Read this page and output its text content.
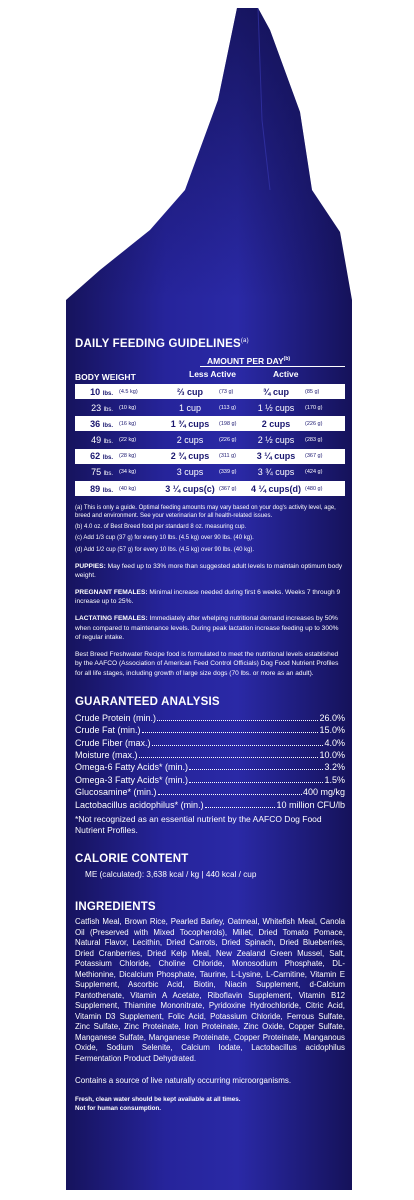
DAILY FEEDING GUIDELINES$^{(a)}$
BODY WEIGHT
AMOUNT PER DAY$^{(b)}$
Less Active	Active
10 lbs.	(4.5 kg)	⅔ cup	(73 g)	¾ cup	(85 g)
23 lbs.	(10 kg)	1 cup	(113 g)	1 ½ cups	(170 g)
36 lbs.	(16 kg)	1 ¾ cups	(198 g)	2 cups	(226 g)
49 lbs.	(22 kg)	2 cups	(226 g)	2 ½ cups	(283 g)
62 lbs.	(28 kg)	2 ¾ cups	(311 g)	3 ¼ cups	(367 g)
75 lbs.	(34 kg)	3 cups	(339 g)	3 ¾ cups	(424 g)
89 lbs.	(40 kg)	3 ¼ cups(c) (367 g)	4 ¼ cups(d) (480 g)

(a) This is only a guide. Optimal feeding amounts may vary based on your dog's activity level, age, breed and environment. See your veterinarian for all health-related issues.

(b) 4.0 oz. of Best Breed food per standard 8 oz. measuring cup.

(c) Add 1/3 cup (37 g) for every 10 lbs. (4.5 kg) over 90 lbs. (40 kg).

(d) Add 1/2 cup (57 g) for every 10 lbs. (4.5 kg) over 90 lbs. (40 kg).

PUPPIES: May feed up to 33% more than suggested adult levels to maintain optimum body weight.

PREGNANT FEMALES: Minimal increase needed during first 6 weeks. Weeks 7 through 9 increase up to 25%.

LACTATING FEMALES: Immediately after whelping nutritional demand increases by 50% when compared to maintenance levels. During peak lactation increase feeding up to 300% of regular intake.

Best Breed Freshwater Recipe food is formulated to meet the nutritional levels established by the AAFCO (Association of American Feed Control Officials) Dog Food Nutrient Profiles for all life stages, including growth of large size dogs (70 lbs. or more as an adult).

GUARANTEED ANALYSIS
Crude Protein (min.)	26.0%
Crude Fat (min.)	15.0%
Crude Fiber (max.)	4.0%
Moisture (max.)	10.0%
Omega-6 Fatty Acids* (min.)	3.2%
Omega-3 Fatty Acids* (min.)	1.5%
Glucosamine* (min.)	400 mg/kg
Lactobacillus acidophilus* (min.)	10 million CFU/lb
*Not recognized as an essential nutrient by the AAFCO Dog Food Nutrient Profiles.
CALORIE CONTENT
ME (calculated): 3,638 kcal / kg | 440 kcal / cup
INGREDIENTS
Catfish Meal, Brown Rice, Pearled Barley, Oatmeal, Whitefish Meal, Canola Oil (Preserved with Mixed Tocopherols), Millet, Dried Tomato Pomace, Natural Flavor, Lecithin, Dried Carrots, Dried Spinach, Dried Blueberries, Dried Cranberries, Dried Kelp Meal, New Zealand Green Mussel, Salt, Potassium Chloride, Choline Chloride, Monosodium Phosphate, DL-Methionine, Dicalcium Phosphate, Taurine, L-Lysine, L-Carnitine, Vitamin E Supplement, Ascorbic Acid, Biotin, Niacin Supplement, d-Calcium Pantothenate, Vitamin A Acetate, Riboflavin Supplement, Vitamin B12 Supplement, Thiamine Mononitrate, Pyridoxine Hydrochloride, Citric Acid, Vitamin D3 Supplement, Folic Acid, Potassium Chloride, Ferrous Sulfate, Zinc Sulfate, Zinc Proteinate, Iron Proteinate, Zinc Oxide, Copper Sulfate, Manganese Sulfate, Manganese Proteinate, Copper Proteinate, Manganous Oxide, Sodium Selenite, Calcium Iodate, Lactobacillus acidophilus Fermentation Product Dehydrated.
Contains a source of live naturally occurring microorganisms.
Fresh, clean water should be kept available at all times.
Not for human consumption.
